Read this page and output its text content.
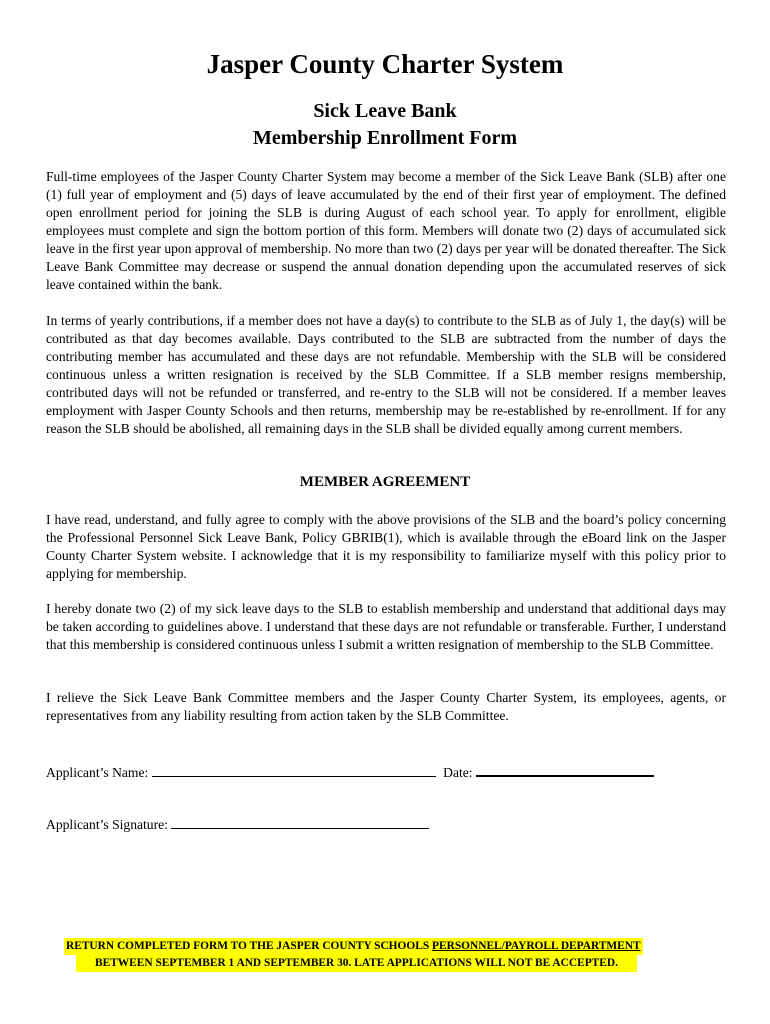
Jasper County Charter System
Sick Leave Bank
Membership Enrollment Form

Full-time employees of the Jasper County Charter System may become a member of the Sick Leave Bank (SLB) after one (1) full year of employment and (5) days of leave accumulated by the end of their first year of employment. The defined open enrollment period for joining the SLB is during August of each school year. To apply for enrollment, eligible employees must complete and sign the bottom portion of this form. Members will donate two (2) days of accumulated sick leave in the first year upon approval of membership. No more than two (2) days per year will be donated thereafter. The Sick Leave Bank Committee may decrease or suspend the annual donation depending upon the accumulated reserves of sick leave contained within the bank.

In terms of yearly contributions, if a member does not have a day(s) to contribute to the SLB as of July 1, the day(s) will be contributed as that day becomes available. Days contributed to the SLB are subtracted from the number of days the contributing member has accumulated and these days are not refundable. Membership with the SLB will be considered continuous unless a written resignation is received by the SLB Committee. If a SLB member resigns membership, contributed days will not be refunded or transferred, and re-entry to the SLB will not be considered. If a member leaves employment with Jasper County Schools and then returns, membership may be re-established by re-enrollment. If for any reason the SLB should be abolished, all remaining days in the SLB shall be divided equally among current members.

MEMBER AGREEMENT

I have read, understand, and fully agree to comply with the above provisions of the SLB and the board’s policy concerning the Professional Personnel Sick Leave Bank, Policy GBRIB(1), which is available through the eBoard link on the Jasper County Charter System website. I acknowledge that it is my responsibility to familiarize myself with this policy prior to applying for membership.

I hereby donate two (2) of my sick leave days to the SLB to establish membership and understand that additional days may be taken according to guidelines above. I understand that these days are not refundable or transferable. Further, I understand that this membership is considered continuous unless I submit a written resignation of membership to the SLB Committee.

I relieve the Sick Leave Bank Committee members and the Jasper County Charter System, its employees, agents, or representatives from any liability resulting from action taken by the SLB Committee.

Applicant’s Name:	Date:
Applicant’s Signature:
RETURN COMPLETED FORM TO THE JASPER COUNTY SCHOOLS PERSONNEL/PAYROLL DEPARTMENT
BETWEEN SEPTEMBER 1 AND SEPTEMBER 30. LATE APPLICATIONS WILL NOT BE ACCEPTED.
